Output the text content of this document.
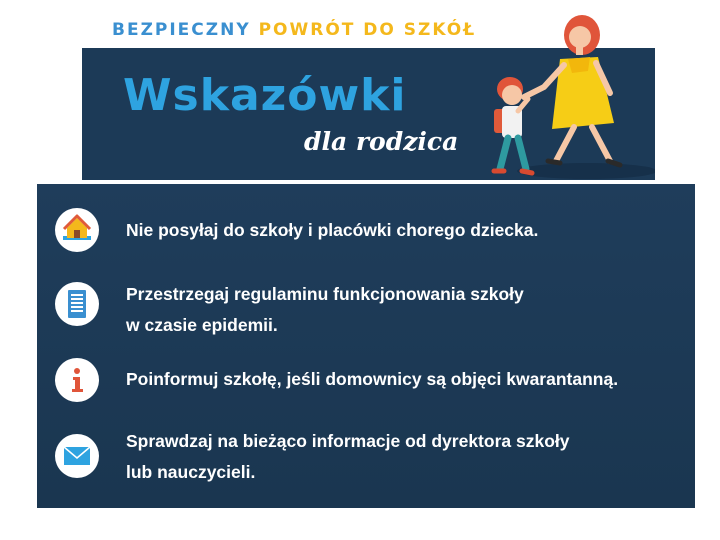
BEZPIECZNY POWRÓT DO SZKÓŁ
Wskazówki
dla rodzica
Nie posyłaj do szkoły i placówki chorego dziecka.
Przestrzegaj regulaminu funkcjonowania szkoły
w czasie epidemii.
Poinformuj szkołę, jeśli domownicy są objęci kwarantanną.
Sprawdzaj na bieżąco informacje od dyrektora szkoły
lub nauczycieli.
